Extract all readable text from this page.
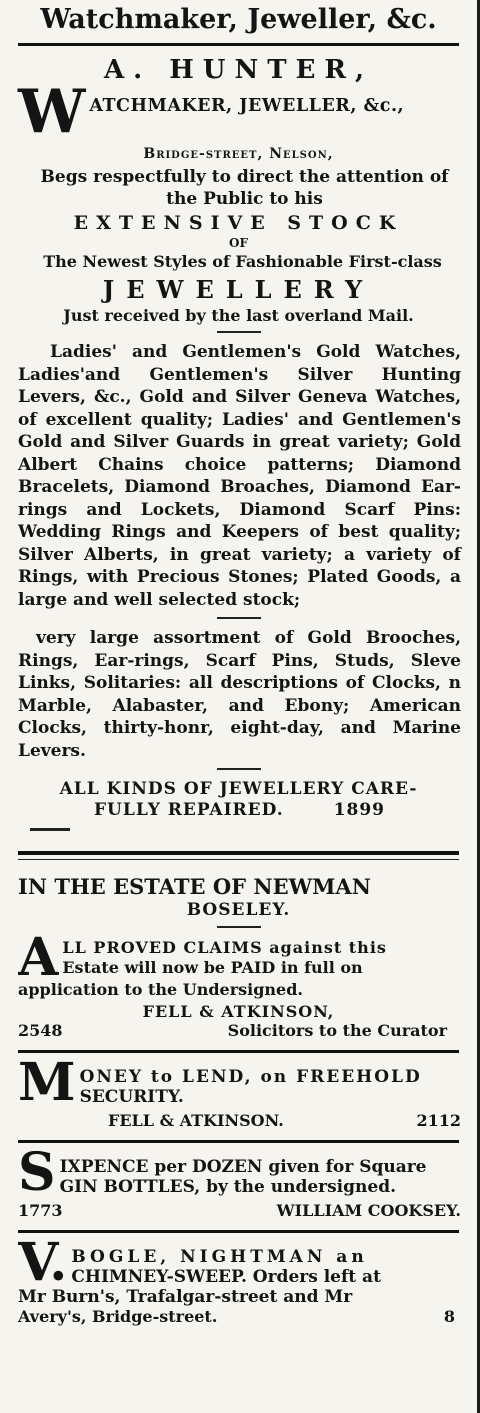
Watchmaker, Jeweller, &c.
A. HUNTER,
W ATCHMAKER, JEWELLER, &c.,
Bridge-street, Nelson,
Begs respectfully to direct the attention of the Public to his
EXTENSIVE STOCK
OF
The Newest Styles of Fashionable First-class
JEWELLERY
Just received by the last overland Mail.

Ladies' and Gentlemen's Gold Watches, Ladies'and Gentlemen's Silver Hunting Levers, &c., Gold and Silver Geneva Watches, of excellent quality; Ladies' and Gentlemen's Gold and Silver Guards in great variety; Gold Albert Chains choice patterns; Diamond Bracelets, Diamond Broaches, Diamond Ear-rings and Lockets, Diamond Scarf Pins: Wedding Rings and Keepers of best quality; Silver Alberts, in great variety; a variety of Rings, with Precious Stones; Plated Goods, a large and well selected stock;

very large assortment of Gold Brooches, Rings, Ear-rings, Scarf Pins, Studs, Sleve Links, Solitaries: all descriptions of Clocks, n Marble, Alabaster, and Ebony; American Clocks, thirty-honr, eight-day, and Marine Levers.

ALL KINDS OF JEWELLERY CARE-
FULLY REPAIRED.	1899
IN THE ESTATE OF NEWMAN
BOSELEY.
A LL PROVED CLAIMS against this
Estate will now be PAID in full on
application to the Undersigned.
FELL & ATKINSON,
2548	Solicitors to the Curator
M ONEY to LEND, on FREEHOLD
SECURITY.
FELL & ATKINSON.	2112
S IXPENCE per DOZEN given for Square
GIN BOTTLES, by the undersigned.
1773	WILLIAM COOKSEY.
V. BOGLE, NIGHTMAN an
CHIMNEY-SWEEP. Orders left at
Mr Burn's, Trafalgar-street and Mr
Avery's, Bridge-street.	8
